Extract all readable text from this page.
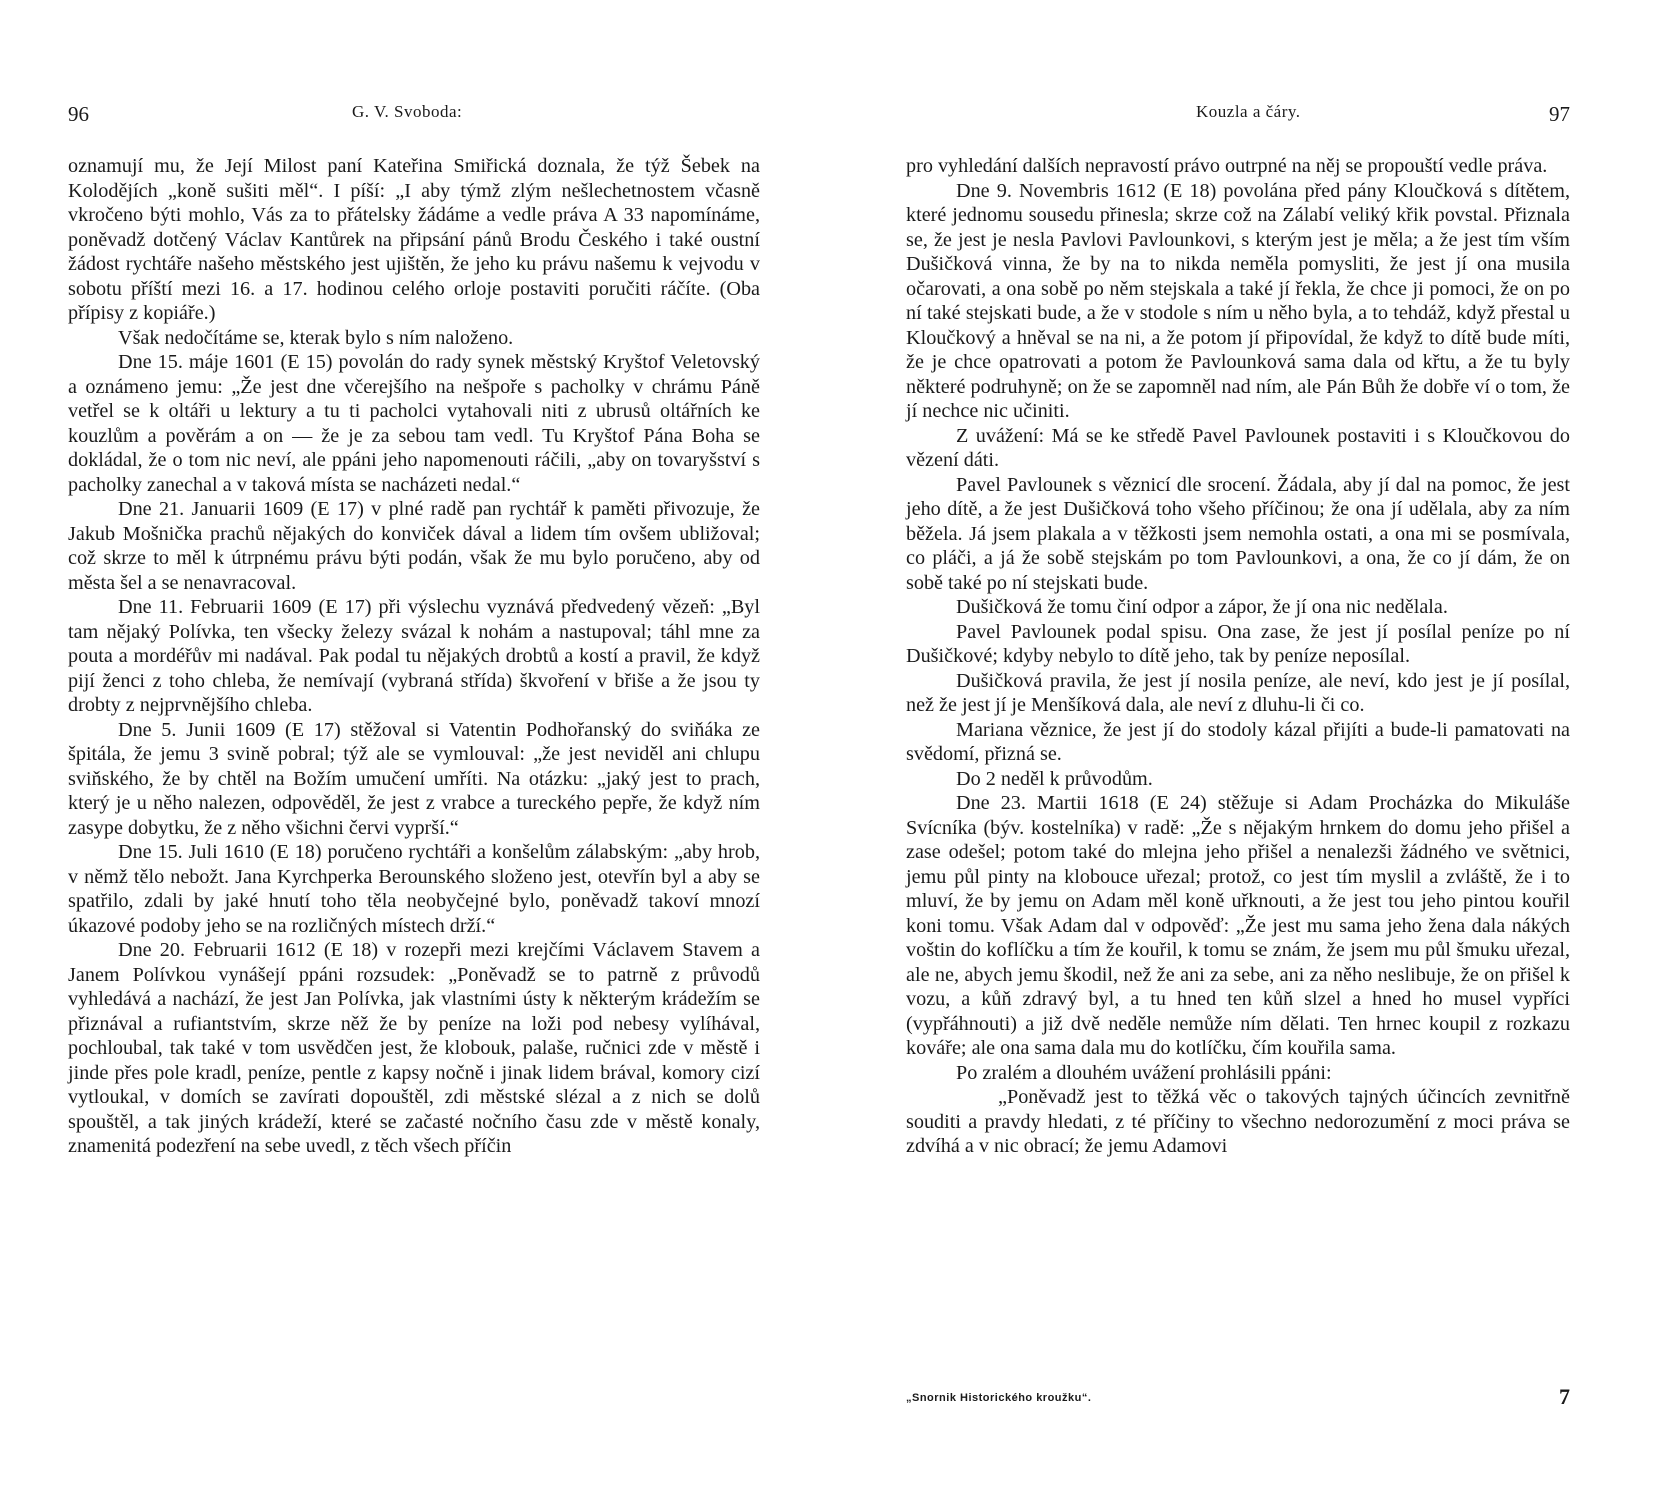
96	G. V. Svoboda:

oznamují mu, že Její Milost paní Kateřina Smiřická doznala, že týž Šebek na Kolodějích „koně sušiti měl“. I píší: „I aby týmž zlým nešlechetnostem včasně vkročeno býti mohlo, Vás za to přátelsky žádáme a vedle práva A 33 napomínáme, poněvadž dotčený Václav Kantůrek na připsání pánů Brodu Českého i také oustní žádost rychtáře našeho městského jest ujištěn, že jeho ku právu našemu k vejvodu v sobotu příští mezi 16. a 17. hodinou celého orloje postaviti poručiti ráčíte. (Oba přípisy z kopiáře.)

Však nedočítáme se, kterak bylo s ním naloženo.

Dne 15. máje 1601 (E 15) povolán do rady synek městský Kryštof Veletovský a oznámeno jemu: „Že jest dne včerejšího na nešpoře s pacholky v chrámu Páně vetřel se k oltáři u lektury a tu ti pacholci vytahovali niti z ubrusů oltářních ke kouzlům a pověrám a on — že je za sebou tam vedl. Tu Kryštof Pána Boha se dokládal, že o tom nic neví, ale ppáni jeho napomenouti ráčili, „aby on tovaryšství s pacholky zanechal a v taková místa se nacházeti nedal.“

Dne 21. Januarii 1609 (E 17) v plné radě pan rychtář k paměti přivozuje, že Jakub Mošnička prachů nějakých do konviček dával a lidem tím ovšem ubližoval; což skrze to měl k útrpnému právu býti podán, však že mu bylo poručeno, aby od města šel a se nenavracoval.

Dne 11. Februarii 1609 (E 17) při výslechu vyznává předvedený vězeň: „Byl tam nějaký Polívka, ten všecky železy svázal k nohám a nastupoval; táhl mne za pouta a mordéřův mi nadával. Pak podal tu nějakých drobtů a kostí a pravil, že když pijí ženci z toho chleba, že nemívají (vybraná střída) škvoření v břiše a že jsou ty drobty z nejprvnějšího chleba.

Dne 5. Junii 1609 (E 17) stěžoval si Vatentin Podhořanský do sviňáka ze špitála, že jemu 3 svině pobral; týž ale se vymlouval: „že jest neviděl ani chlupu sviňského, že by chtěl na Božím umučení umříti. Na otázku: „jaký jest to prach, který je u něho nalezen, odpověděl, že jest z vrabce a tureckého pepře, že když ním zasype dobytku, že z něho všichni červi vyprší.“

Dne 15. Juli 1610 (E 18) poručeno rychtáři a konšelům zálabským: „aby hrob, v němž tělo nebožt. Jana Kyrchperka Berounského složeno jest, otevřín byl a aby se spatřilo, zdali by jaké hnutí toho těla neobyčejné bylo, poněvadž takoví mnozí úkazové podoby jeho se na rozličných místech drží.“

Dne 20. Februarii 1612 (E 18) v rozepři mezi krejčími Václavem Stavem a Janem Polívkou vynášejí ppáni rozsudek: „Poněvadž se to patrně z průvodů vyhledává a nachází, že jest Jan Polívka, jak vlastními ústy k některým krádežím se přiznával a rufiantstvím, skrze něž že by peníze na loži pod nebesy vylíhával, pochloubal, tak také v tom usvědčen jest, že klobouk, palaše, ručnici zde v městě i jinde přes pole kradl, peníze, pentle z kapsy nočně i jinak lidem brával, komory cizí vytloukal, v domích se zavírati dopouštěl, zdi městské slézal a z nich se dolů spouštěl, a tak jiných krádeží, které se začasté nočního času zde v městě konaly, znamenitá podezření na sebe uvedl, z těch všech příčin

Kouzla a čáry.	97

pro vyhledání dalších nepravostí právo outrpné na něj se propouští vedle práva.

Dne 9. Novembris 1612 (E 18) povolána před pány Kloučková s dítětem, které jednomu sousedu přinesla; skrze což na Zálabí veliký křik povstal. Přiznala se, že jest je nesla Pavlovi Pavlounkovi, s kterým jest je měla; a že jest tím vším Dušičková vinna, že by na to nikda neměla pomysliti, že jest jí ona musila očarovati, a ona sobě po něm stejskala a také jí řekla, že chce ji pomoci, že on po ní také stejskati bude, a že v stodole s ním u něho byla, a to tehdáž, když přestal u Kloučkový a hněval se na ni, a že potom jí připovídal, že když to dítě bude míti, že je chce opatrovati a potom že Pavlounková sama dala od křtu, a že tu byly některé podruhyně; on že se zapomněl nad ním, ale Pán Bůh že dobře ví o tom, že jí nechce nic učiniti.

Z uvážení: Má se ke středě Pavel Pavlounek postaviti i s Kloučkovou do vězení dáti.

Pavel Pavlounek s věznicí dle srocení. Žádala, aby jí dal na pomoc, že jest jeho dítě, a že jest Dušičková toho všeho příčinou; že ona jí udělala, aby za ním běžela. Já jsem plakala a v těžkosti jsem nemohla ostati, a ona mi se posmívala, co pláči, a já že sobě stejskám po tom Pavlounkovi, a ona, že co jí dám, že on sobě také po ní stejskati bude.

Dušičková že tomu činí odpor a zápor, že jí ona nic nedělala.

Pavel Pavlounek podal spisu. Ona zase, že jest jí posílal peníze po ní Dušičkové; kdyby nebylo to dítě jeho, tak by peníze neposílal.

Dušičková pravila, že jest jí nosila peníze, ale neví, kdo jest je jí posílal, než že jest jí je Menšíková dala, ale neví z dluhu-li či co.

Mariana věznice, že jest jí do stodoly kázal přijíti a bude-li pamatovati na svědomí, přizná se.

Do 2 neděl k průvodům.

Dne 23. Martii 1618 (E 24) stěžuje si Adam Procházka do Mikuláše Svícníka (býv. kostelníka) v radě: „Že s nějakým hrnkem do domu jeho přišel a zase odešel; potom také do mlejna jeho přišel a nenalezši žádného ve světnici, jemu půl pinty na klobouce uřezal; protož, co jest tím myslil a zvláště, že i to mluví, že by jemu on Adam měl koně uřknouti, a že jest tou jeho pintou kouřil koni tomu. Však Adam dal v odpověď: „Že jest mu sama jeho žena dala nákých voštin do koflíčku a tím že kouřil, k tomu se znám, že jsem mu půl šmuku uřezal, ale ne, abych jemu škodil, než že ani za sebe, ani za něho neslibuje, že on přišel k vozu, a kůň zdravý byl, a tu hned ten kůň slzel a hned ho musel vypříci (vypřáhnouti) a již dvě neděle nemůže ním dělati. Ten hrnec koupil z rozkazu kováře; ale ona sama dala mu do kotlíčku, čím kouřila sama.

Po zralém a dlouhém uvážení prohlásili ppáni:

„Poněvadž jest to těžká věc o takových tajných účincích zevnitřně souditi a pravdy hledati, z té příčiny to všechno nedorozumění z moci práva se zdvíhá a v nic obrací; že jemu Adamovi

„Snornik Historického kroužku“.	7
